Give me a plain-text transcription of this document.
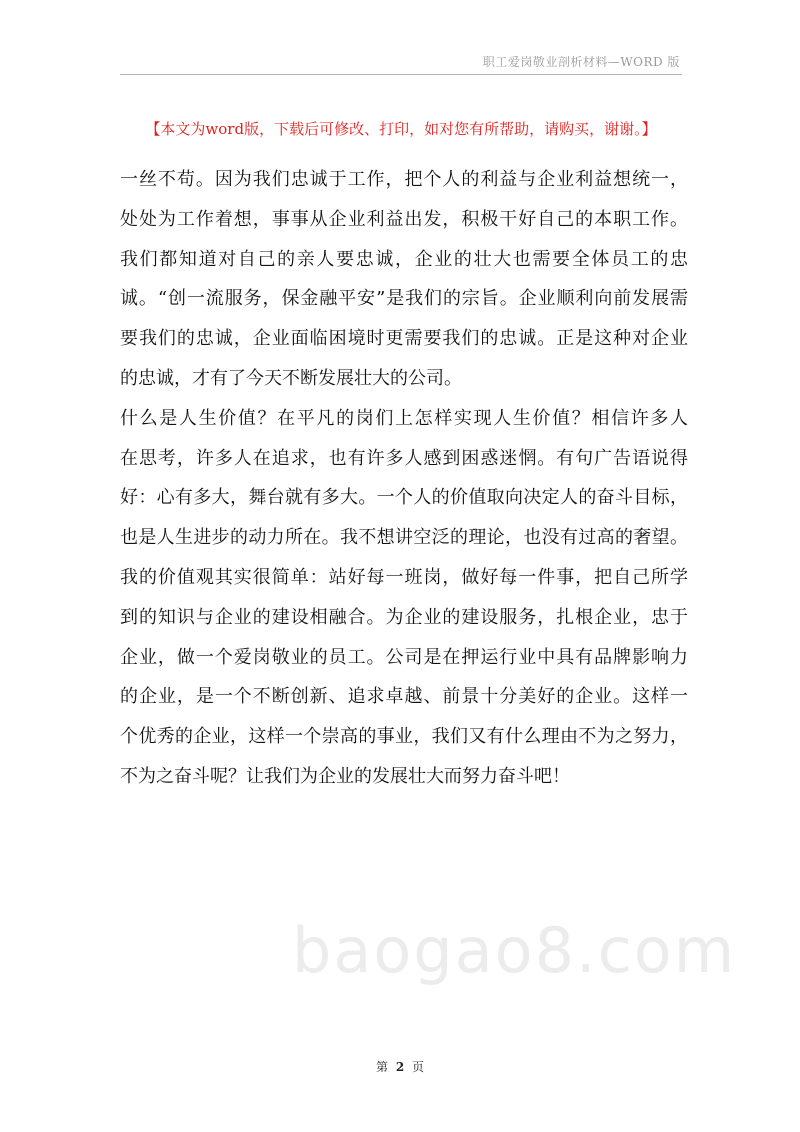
职工爱岗敬业剖析材料—WORD 版
【本文为word版，下载后可修改、打印，如对您有所帮助，请购买，谢谢。】
一丝不苟。因为我们忠诚于工作，把个人的利益与企业利益想统一，
处处为工作着想，事事从企业利益出发，积极干好自己的本职工作。
我们都知道对自己的亲人要忠诚，企业的壮大也需要全体员工的忠
诚。“创一流服务，保金融平安”是我们的宗旨。企业顺利向前发展需
要我们的忠诚，企业面临困境时更需要我们的忠诚。正是这种对企业
的忠诚，才有了今天不断发展壮大的公司。
什么是人生价值？在平凡的岗们上怎样实现人生价值？相信许多人
在思考，许多人在追求，也有许多人感到困惑迷惘。有句广告语说得
好：心有多大，舞台就有多大。一个人的价值取向决定人的奋斗目标，
也是人生进步的动力所在。我不想讲空泛的理论，也没有过高的奢望。
我的价值观其实很简单：站好每一班岗，做好每一件事，把自己所学
到的知识与企业的建设相融合。为企业的建设服务，扎根企业，忠于
企业，做一个爱岗敬业的员工。公司是在押运行业中具有品牌影响力
的企业，是一个不断创新、追求卓越、前景十分美好的企业。这样一
个优秀的企业，这样一个崇高的事业，我们又有什么理由不为之努力，
不为之奋斗呢？让我们为企业的发展壮大而努力奋斗吧！
baogao8.com
第 2 页
